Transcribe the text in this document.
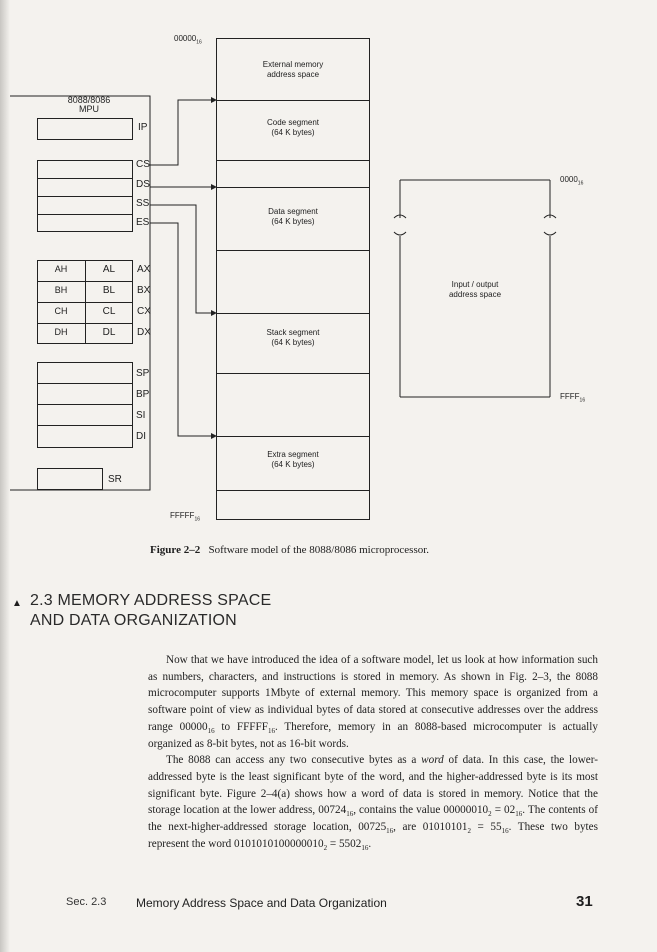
External memory
address space
Code segment
(64 K bytes)
Data segment
(64 K bytes)
Stack segment
(64 K bytes)
Extra segment
(64 K bytes)
$00000_{16}$
$FFFFF_{16}$
8088/8086
MPU
IP
CS
DS
SS
ES
AH	AL	AX
BH	BL	BX
CH	CL	CX
DH	DL	DX
SP
BP
SI
DI
SR
$0000_{16}$
$FFFF_{16}$
Input / output
address space
Figure 2–2 Software model of the 8088/8086 microprocessor.
▲ 2.3 MEMORY ADDRESS SPACE
AND DATA ORGANIZATION

Now that we have introduced the idea of a software model, let us look at how information such as numbers, characters, and instructions is stored in memory. As shown in Fig. 2–3, the 8088 microcomputer supports 1Mbyte of external memory. This memory space is organized from a software point of view as individual bytes of data stored at consecutive addresses over the address range $00000_{16}$ to $FFFFF_{16}$. Therefore, memory in an 8088-based microcomputer is actually organized as 8-bit bytes, not as 16-bit words.

The 8088 can access any two consecutive bytes as a word of data. In this case, the lower-addressed byte is the least significant byte of the word, and the higher-addressed byte is its most significant byte. Figure 2–4(a) shows how a word of data is stored in memory. Notice that the storage location at the lower address, $00724_{16}$, contains the value $00000010_2 = 02_{16}$. The contents of the next-higher-addressed storage location, $00725_{16}$, are $01010101_2 = 55_{16}$. These two bytes represent the word $0101010100000010_2 = 5502_{16}$.

Sec. 2.3 Memory Address Space and Data Organization	31
